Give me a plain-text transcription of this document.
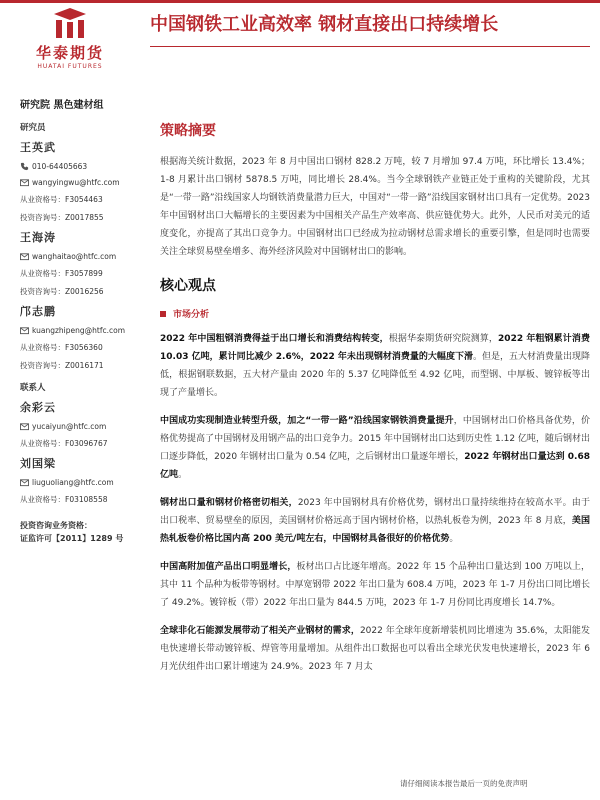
华泰期货
HUATAI FUTURES
中国钢铁工业高效率 钢材直接出口持续增长
研究院 黑色建材组
研究员
王英武
010-64405663
wangyingwu@htfc.com
从业资格号：F3054463
投资咨询号：Z0017855
王海涛
wanghaitao@htfc.com
从业资格号：F3057899
投资咨询号：Z0016256
邝志鹏
kuangzhipeng@htfc.com
从业资格号：F3056360
投资咨询号：Z0016171
联系人
余彩云
yucaiyun@htfc.com
从业资格号：F03096767
刘国梁
liuguoliang@htfc.com
从业资格号：F03108558
投资咨询业务资格：
证监许可【2011】1289 号
策略摘要
根据海关统计数据，2023 年 8 月中国出口钢材 828.2 万吨，较 7 月增加 97.4 万吨，环比增长 13.4%；1-8 月累计出口钢材 5878.5 万吨，同比增长 28.4%。当今全球钢铁产业链正处于重构的关键阶段，尤其是“一带一路”沿线国家人均钢铁消费量潜力巨大，中国对“一带一路”沿线国家钢材出口具有一定优势。2023 年中国钢材出口大幅增长的主要因素为中国相关产品生产效率高、供应链优势大。此外，人民币对美元的适度变化，亦提高了其出口竞争力。中国钢材出口已经成为拉动钢材总需求增长的重要引擎，但是同时也需要关注全球贸易壁垒增多、海外经济风险对中国钢材出口的影响。
核心观点
市场分析
2022 年中国粗钢消费得益于出口增长和消费结构转变，根据华泰期货研究院测算，2022 年粗钢累计消费 10.03 亿吨，累计同比减少 2.6%，2022 年未出现钢材消费量的大幅度下滑。但是，五大材消费量出现降低，根据钢联数据，五大材产量由 2020 年的 5.37 亿吨降低至 4.92 亿吨，而型钢、中厚板、镀锌板等出现了产量增长。
中国成功实现制造业转型升级，加之“一带一路”沿线国家钢铁消费量提升，中国钢材出口价格具备优势，价格优势提高了中国钢材及用钢产品的出口竞争力。2015 年中国钢材出口达到历史性 1.12 亿吨，随后钢材出口逐步降低，2020 年钢材出口量为 0.54 亿吨，之后钢材出口量逐年增长，2022 年钢材出口量达到 0.68 亿吨。
钢材出口量和钢材价格密切相关，2023 年中国钢材具有价格优势，钢材出口量持续维持在较高水平。由于出口税率、贸易壁垒的原因，美国钢材价格远高于国内钢材价格，以热轧板卷为例，2023 年 8 月底，美国热轧板卷价格比国内高 200 美元/吨左右，中国钢材具备很好的价格优势。
中国高附加值产品出口明显增长，板材出口占比逐年增高。2022 年 15 个品种出口量达到 100 万吨以上，其中 11 个品种为板带等钢材。中厚宽钢带 2022 年出口量为 608.4 万吨，2023 年 1-7 月份出口同比增长了 49.2%。镀锌板（带）2022 年出口量为 844.5 万吨，2023 年 1-7 月份同比再度增长 14.7%。
全球非化石能源发展带动了相关产业钢材的需求，2022 年全球年度新增装机同比增速为 35.6%，太阳能发电快速增长带动镀锌板、焊管等用量增加。从组件出口数据也可以看出全球光伏发电快速增长，2023 年 6 月光伏组件出口累计增速为 24.9%。2023 年 7 月太
请仔细阅读本报告最后一页的免责声明
